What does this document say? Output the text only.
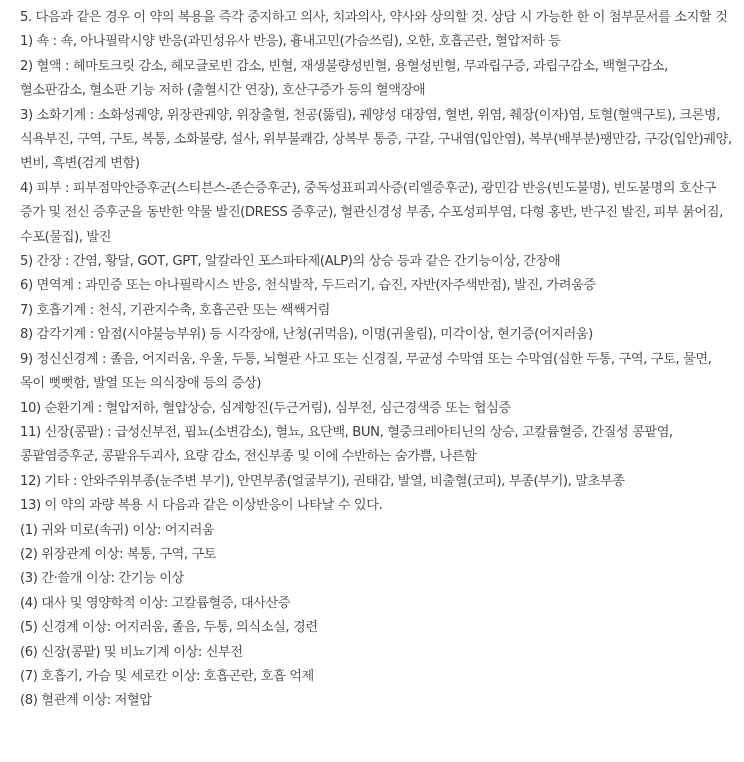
5. 다음과 같은 경우 이 약의 복용을 즉각 중지하고 의사, 치과의사, 약사와 상의할 것. 상담 시 가능한 한 이 첨부문서를 소지할 것

1) 쇽 : 쇽, 아나필락시양 반응(과민성유사 반응), 흉내고민(가슴쓰림), 오한, 호흡곤란, 혈압저하 등

2) 혈액 : 헤마토크릿 감소, 헤모글로빈 감소, 빈혈, 재생불량성빈혈, 용혈성빈혈, 무과립구증, 과립구감소, 백혈구감소, 혈소판감소, 혈소판 기능 저하 (출혈시간 연장), 호산구증가 등의 혈액장애

3) 소화기계 : 소화성궤양, 위장관궤양, 위장출혈, 천공(뚫림), 궤양성 대장염, 혈변, 위염, 췌장(이자)염, 토혈(혈액구토), 크론병, 식욕부진, 구역, 구토, 복통, 소화불량, 설사, 위부불쾌감, 상복부 통증, 구갈, 구내염(입안염), 복부(배부분)팽만감, 구강(입안)궤양, 변비, 흑변(검게 변함)

4) 피부 : 피부점막안증후군(스티븐스-존슨증후군), 중독성표피괴사증(리엘증후군), 광민감 반응(빈도불명), 빈도불명의 호산구 증가 및 전신 증후군을 동반한 약물 발진(DRESS 증후군), 혈관신경성 부종, 수포성피부염, 다형 홍반, 반구진 발진, 피부 붉어짐, 수포(물집), 발진

5) 간장 : 간염, 황달, GOT, GPT, 알칼라인 포스파타제(ALP)의 상승 등과 같은 간기능이상, 간장애

6) 면역계 : 과민증 또는 아나필락시스 반응, 천식발작, 두드러기, 습진, 자반(자주색반점), 발진, 가려움증

7) 호흡기계 : 천식, 기관지수축, 호흡곤란 또는 쌕쌕거림

8) 감각기계 : 암점(시야불능부위) 등 시각장애, 난청(귀먹음), 이명(귀울림), 미각이상, 현기증(어지러움)

9) 정신신경계 : 졸음, 어지러움, 우울, 두통, 뇌혈관 사고 또는 신경질, 무균성 수막염 또는 수막염(심한 두통, 구역, 구토, 물면, 목이 뻣뻣함, 발열 또는 의식장애 등의 증상)

10) 순환기계 : 혈압저하, 혈압상승, 심계항진(두근거림), 심부전, 심근경색증 또는 협심증

11) 신장(콩팥) : 급성신부전, 핍뇨(소변감소), 혈뇨, 요단백, BUN, 혈중크레아티닌의 상승, 고칼륨혈증, 간질성 콩팥염, 콩팥염증후군, 콩팥유두괴사, 요량 감소, 전신부종 및 이에 수반하는 숨가쁨, 나른함

12) 기타 : 안와주위부종(눈주변 부기), 안면부종(얼굴부기), 권태감, 발열, 비출혈(코피), 부종(부기), 말초부종

13) 이 약의 과량 복용 시 다음과 같은 이상반응이 나타날 수 있다.

(1) 귀와 미로(속귀) 이상: 어지러움

(2) 위장관계 이상: 복통, 구역, 구토

(3) 간·쓸개 이상: 간기능 이상

(4) 대사 및 영양학적 이상: 고칼륨혈증, 대사산증

(5) 신경계 이상: 어지러움, 졸음, 두통, 의식소실, 경련

(6) 신장(콩팥) 및 비뇨기계 이상: 신부전

(7) 호흡기, 가슴 및 세로칸 이상: 호흡곤란, 호흡 억제

(8) 혈관계 이상: 저혈압
